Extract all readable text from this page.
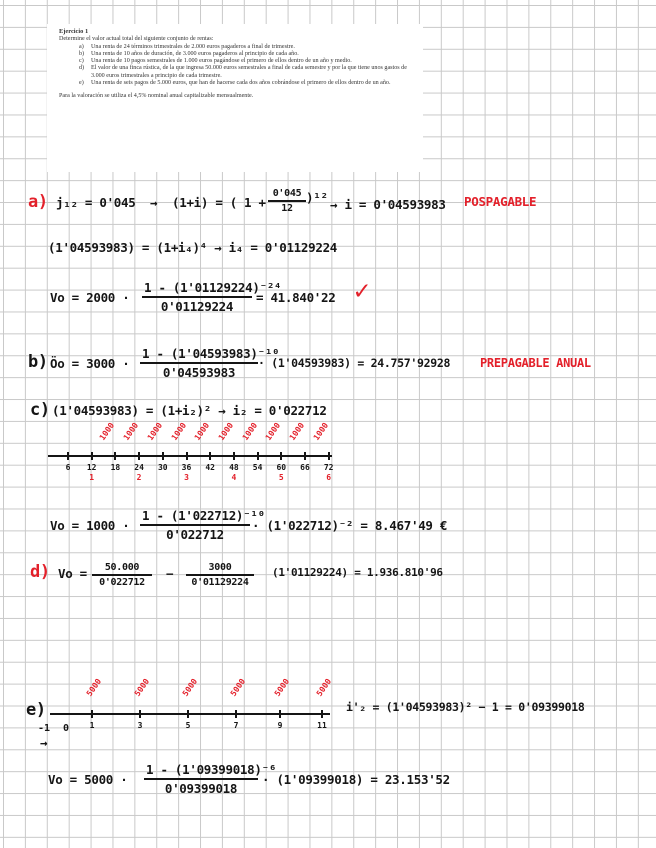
Ejercicio 1
Determine el valor actual total del siguiente conjunto de rentas:
a) Una renta de 24 términos trimestrales de 2.000 euros pagaderos a final de trimestre.
b) Una renta de 10 años de duración, de 3.000 euros pagaderos al principio de cada año.
c) Una renta de 10 pagos semestrales de 1.000 euros pagándose el primero de ellos dentro de un año y medio.
d) El valor de una finca rústica, de la que ingresa 50.000 euros semestrales a final de cada semestre y por la que tiene unos gastos de 3.000 euros trimestrales a principio de cada trimestre.
e) Una renta de seis pagos de 5.000 euros, que han de hacerse cada dos años cobrándose el primero de ellos dentro de un año.
Para la valoración se utiliza el 4,5% nominal anual capitalizable mensualmente.
a) j₁₂ = 0'045 → (1+i) = ( $1 + \frac{0'045}{12} )^{12} \to i = 0'04593983$ POSPAGABLE
(1'04593983) = (1+i₄)⁴ → i₄ = 0'01129224
$Vo = 2000 \cdot \frac{\text{1 - (1'01129224)⁻²⁴}}{0'01129224} = 41.840'22$ ✓
b) Ӧo = $3000 \cdot \frac{\text{1 - (1'04593983)⁻¹⁰}}{0'04593983} \cdot (1'04593983) = 24.757'92928$ PREPAGABLE ANUAL
c) (1'04593983) = (1+i₂)² → i₂ = 0'022712
6 12 18 24 30 36 42 48 54 60 66 72
1000 1000 1000 1000 1000 1000 1000 1000 1000 1000
1	2	3	4	5	6
$Vo = 1000 \cdot \frac{\text{1 - (1'022712)⁻¹⁰}}{0'022712} \cdot (1'022712)^{-2} = 8.467'49$ €
d) $Vo = \frac{50.000}{0'022712} - \frac{3000}{0'01129224} (1'01129224) = 1.936.810'96$
e)
1	3	5	7	9	11
5000	5000	5000	5000	5000	5000
-1 0
→
i'₂ = (1'04593983)² − 1 = 0'09399018
$Vo = 5000 \cdot \frac{\text{1 - (1'09399018)⁻⁶}}{0'09399018} \cdot (1'09399018) = 23.153'52$
